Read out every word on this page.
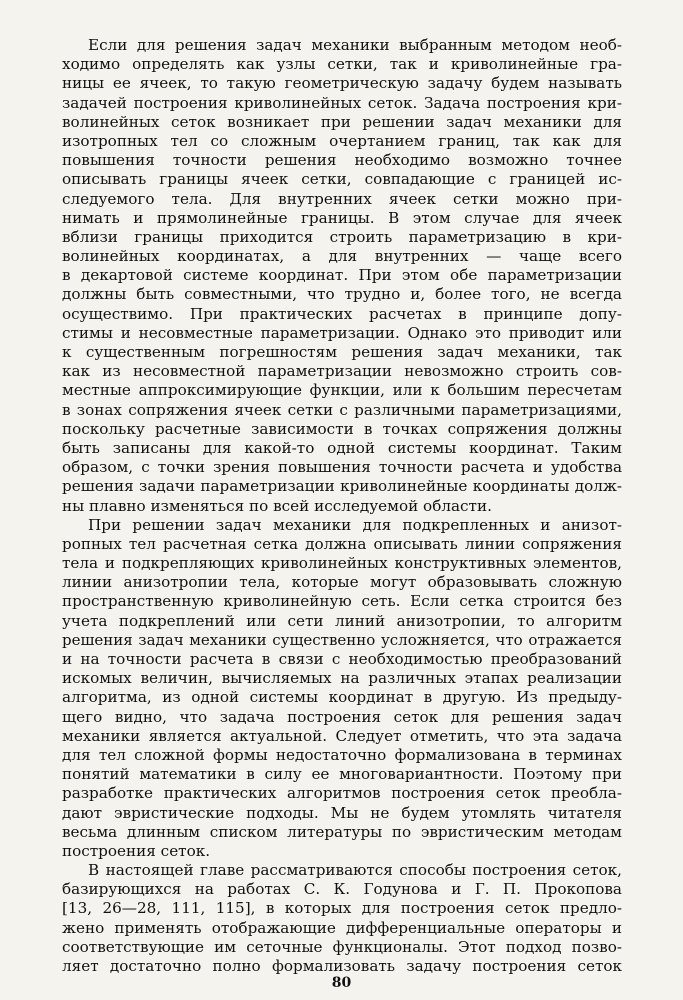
Если для решения задач механики выбранным методом необ-
ходимо определять как узлы сетки, так и криволинейные гра-
ницы ее ячеек, то такую геометрическую задачу будем называть
задачей построения криволинейных сеток. Задача построения кри-
волинейных сеток возникает при решении задач механики для
изотропных тел со сложным очертанием границ, так как для
повышения точности решения необходимо возможно точнее
описывать границы ячеек сетки, совпадающие с границей ис-
следуемого тела. Для внутренних ячеек сетки можно при-
нимать и прямолинейные границы. В этом случае для ячеек
вблизи границы приходится строить параметризацию в кри-
волинейных координатах, а для внутренних — чаще всего
в декартовой системе координат. При этом обе параметризации
должны быть совместными, что трудно и, более того, не всегда
осуществимо. При практических расчетах в принципе допу-
стимы и несовместные параметризации. Однако это приводит или
к существенным погрешностям решения задач механики, так
как из несовместной параметризации невозможно строить сов-
местные аппроксимирующие функции, или к большим пересчетам
в зонах сопряжения ячеек сетки с различными параметризациями,
поскольку расчетные зависимости в точках сопряжения должны
быть записаны для какой-то одной системы координат. Таким
образом, с точки зрения повышения точности расчета и удобства
решения задачи параметризации криволинейные координаты долж-
ны плавно изменяться по всей исследуемой области.
При решении задач механики для подкрепленных и анизот-
ропных тел расчетная сетка должна описывать линии сопряжения
тела и подкрепляющих криволинейных конструктивных элементов,
линии анизотропии тела, которые могут образовывать сложную
пространственную криволинейную сеть. Если сетка строится без
учета подкреплений или сети линий анизотропии, то алгоритм
решения задач механики существенно усложняется, что отражается
и на точности расчета в связи с необходимостью преобразований
искомых величин, вычисляемых на различных этапах реализации
алгоритма, из одной системы координат в другую. Из предыду-
щего видно, что задача построения сеток для решения задач
механики является актуальной. Следует отметить, что эта задача
для тел сложной формы недостаточно формализована в терминах
понятий математики в силу ее многовариантности. Поэтому при
разработке практических алгоритмов построения сеток преобла-
дают эвристические подходы. Мы не будем утомлять читателя
весьма длинным списком литературы по эвристическим методам
построения сеток.
В настоящей главе рассматриваются способы построения сеток,
базирующихся на работах С. К. Годунова и Г. П. Прокопова
[13, 26—28, 111, 115], в которых для построения сеток предло-
жено применять отображающие дифференциальные операторы и
соответствующие им сеточные функционалы. Этот подход позво-
ляет достаточно полно формализовать задачу построения сеток
80
